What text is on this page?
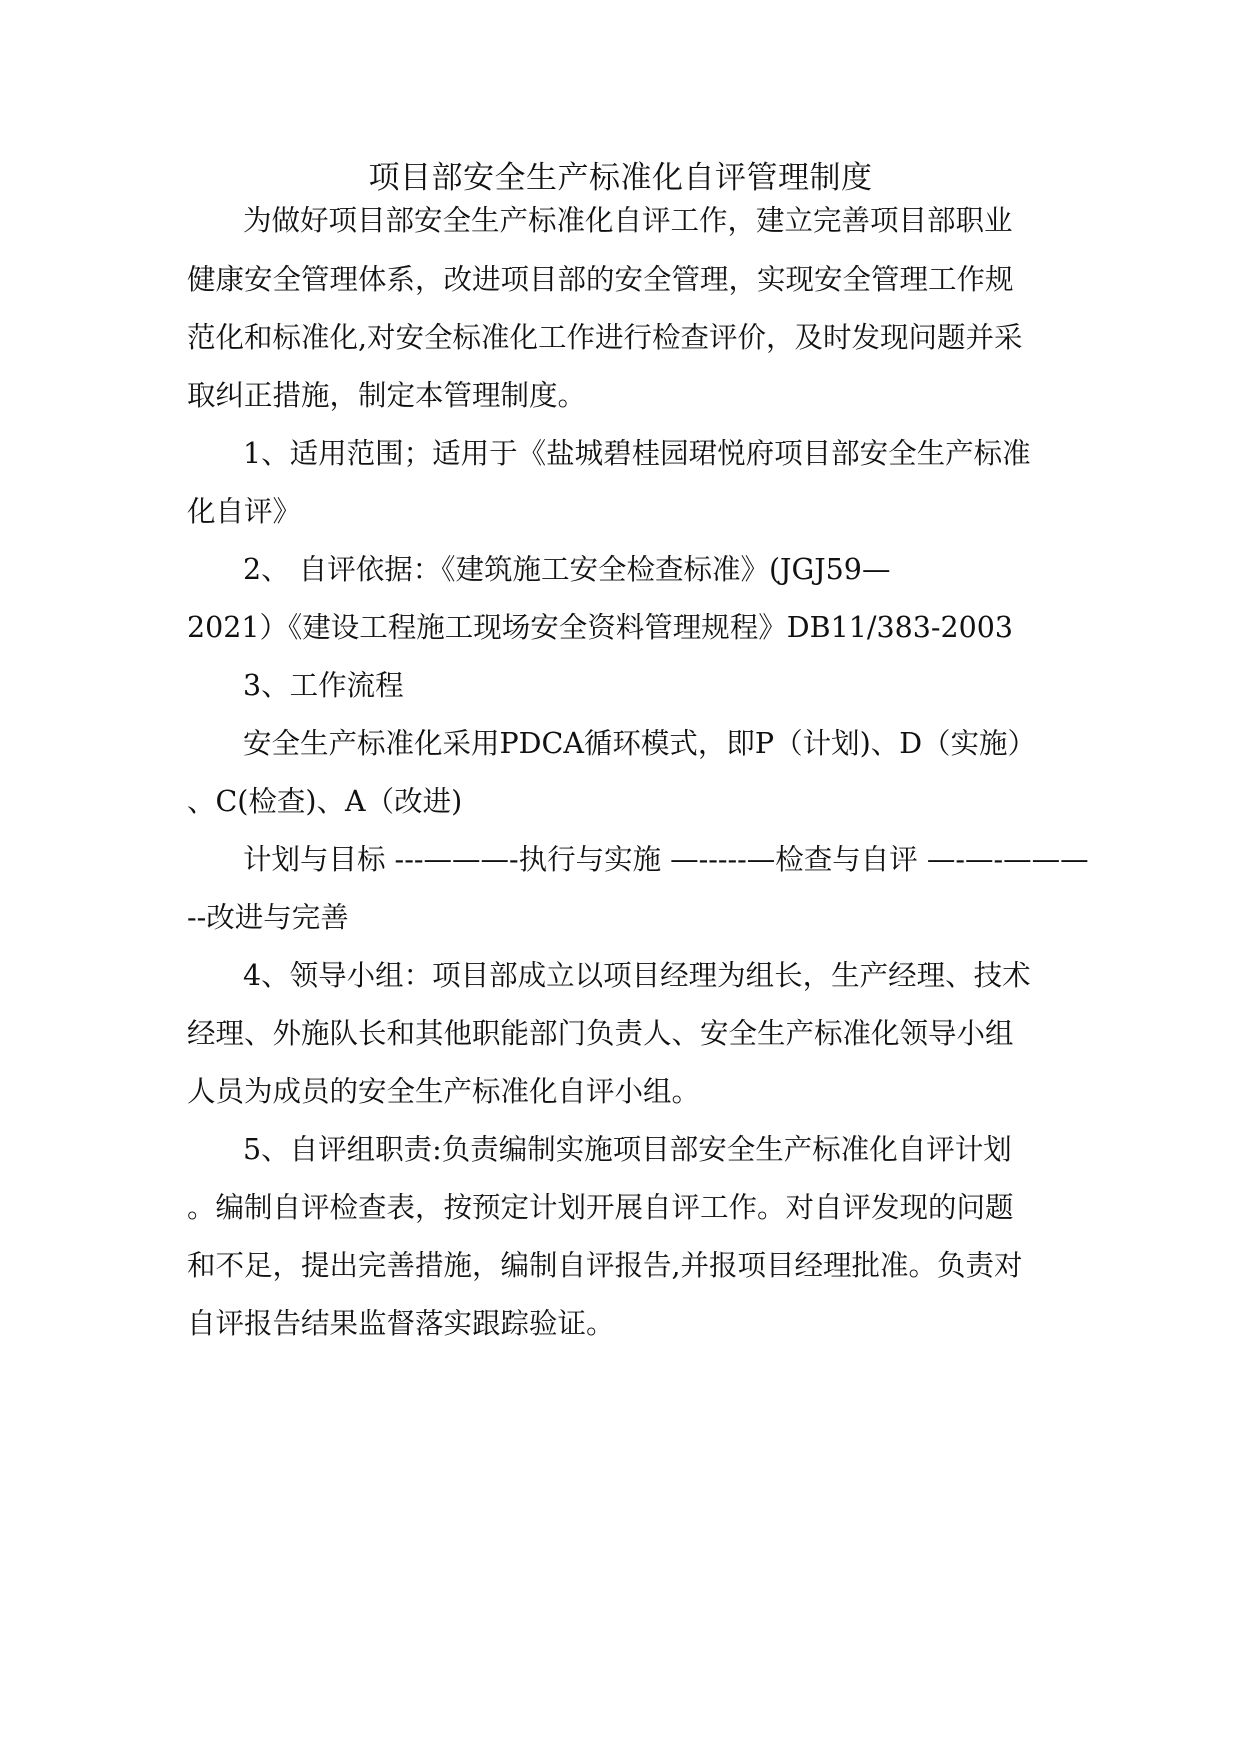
项目部安全生产标准化自评管理制度
为做好项目部安全生产标准化自评工作，建立完善项目部职业
健康安全管理体系，改进项目部的安全管理，实现安全管理工作规
范化和标准化,对安全标准化工作进行检查评价，及时发现问题并采
取纠正措施，制定本管理制度。
1、适用范围；适用于《盐城碧桂园珺悦府项目部安全生产标准
化自评》
2、 自评依据：《建筑施工安全检查标准》(JGJ59—
2021）《建设工程施工现场安全资料管理规程》DB11/383-2003
3、工作流程
安全生产标准化采用PDCA循环模式，即P（计划)、D（实施）
、C(检查)、A（改进)
计划与目标 ---———-执行与实施 —-----—检查与自评 —-—-———
--改进与完善
4、领导小组：项目部成立以项目经理为组长，生产经理、技术
经理、外施队长和其他职能部门负责人、安全生产标准化领导小组
人员为成员的安全生产标准化自评小组。
5、自评组职责:负责编制实施项目部安全生产标准化自评计划
。编制自评检查表，按预定计划开展自评工作。对自评发现的问题
和不足，提出完善措施，编制自评报告,并报项目经理批准。负责对
自评报告结果监督落实跟踪验证。
